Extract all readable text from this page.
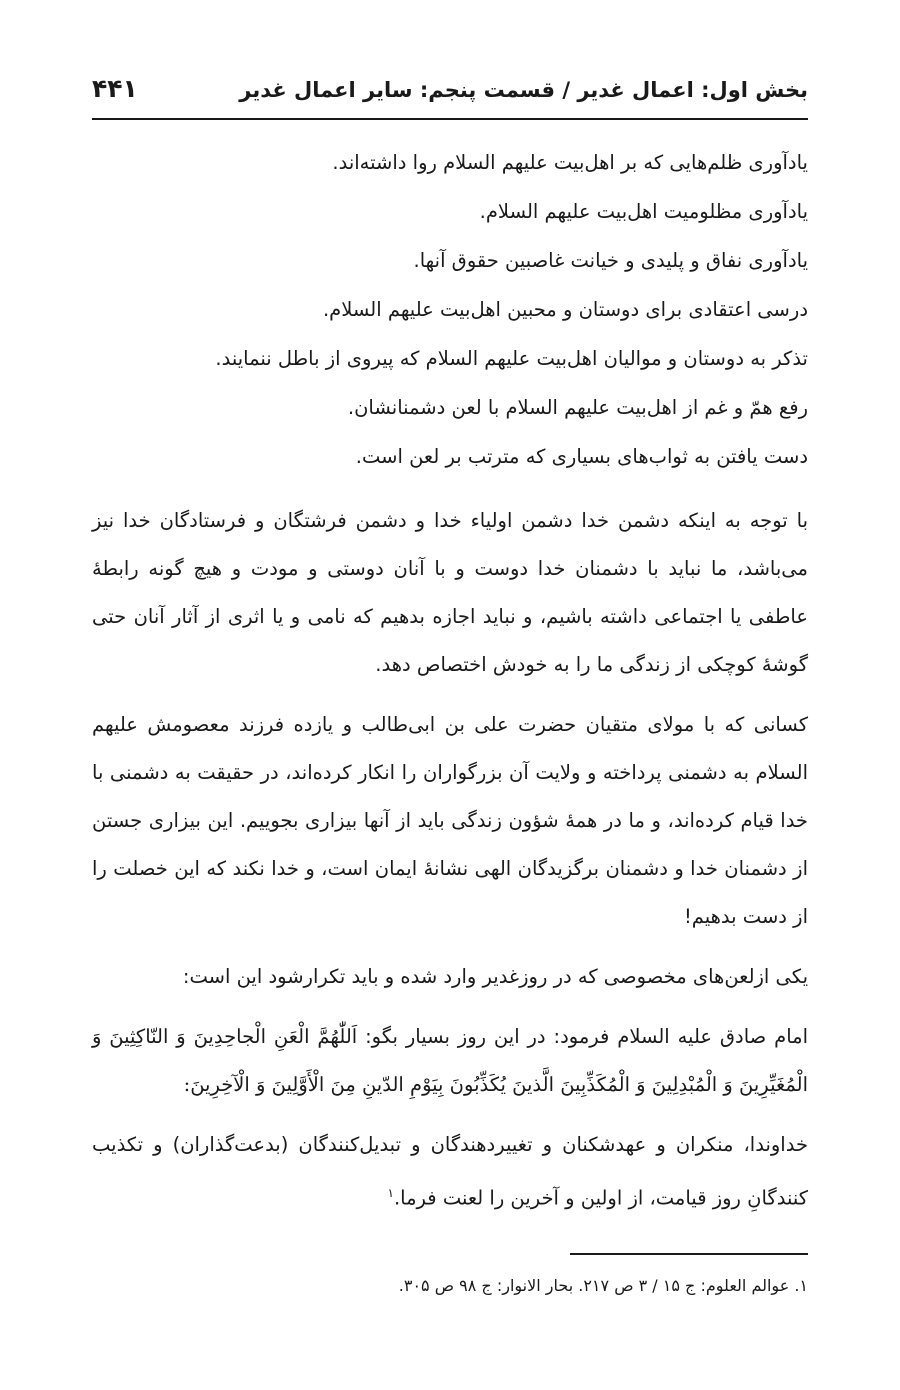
بخش اول: اعمال غدیر / قسمت پنجم: سایر اعمال غدیر
۴۴۱
یادآوری ظلم‌هایی که بر اهل‌بیت علیهم السلام روا داشته‌اند.
یادآوری مظلومیت اهل‌بیت علیهم السلام.
یادآوری نفاق و پلیدی و خیانت غاصبین حقوق آنها.
درسی اعتقادی برای دوستان و محبین اهل‌بیت علیهم السلام.
تذکر به دوستان و موالیان اهل‌بیت علیهم السلام که پیروی از باطل ننمایند.
رفع همّ و غم از اهل‌بیت علیهم السلام با لعن دشمنانشان.
دست یافتن به ثواب‌های بسیاری که مترتب بر لعن است.

با توجه به اینکه دشمن خدا دشمن اولیاء خدا و دشمن فرشتگان و فرستادگان خدا نیز می‌باشد، ما نباید با دشمنان خدا دوست و با آنان دوستی و مودت و هیچ گونه رابطهٔ عاطفی یا اجتماعی داشته باشیم، و نباید اجازه بدهیم که نامی و یا اثری از آثار آنان حتی گوشهٔ کوچکی از زندگی ما را به خودش اختصاص دهد.

کسانی که با مولای متقیان حضرت علی بن ابی‌طالب و یازده فرزند معصومش علیهم السلام به دشمنی پرداخته و ولایت آن بزرگواران را انکار کرده‌اند، در حقیقت به دشمنی با خدا قیام کرده‌اند، و ما در همهٔ شؤون زندگی باید از آنها بیزاری بجوییم. این بیزاری جستن از دشمنان خدا و دشمنان برگزیدگان الهی نشانهٔ ایمان است، و خدا نکند که این خصلت را از دست بدهیم!

یکی ازلعن‌های مخصوصی که در روزغدیر وارد شده و باید تکرارشود این است:

امام صادق علیه السلام فرمود: در این روز بسیار بگو: اَللّٰهُمَّ الْعَنِ الْجاحِدِینَ وَ النّاکِثِینَ وَ الْمُغَیِّرِینَ وَ الْمُبْدِلِینَ وَ الْمُکَذِّبِینَ الَّذینَ یُکَذِّبُونَ بِیَوْمِ الدّینِ مِنَ الْأَوَّلِینَ وَ الْآخِرِینَ:

خداوندا، منکران و عهدشکنان و تغییردهندگان و تبدیل‌کنندگان (بدعت‌گذاران) و تکذیب کنندگانِ روز قیامت، از اولین و آخرین را لعنت فرما.$^۱$

۱. عوالم العلوم: ج ۱۵ / ۳ ص ۲۱۷. بحار الانوار: ج ۹۸ ص ۳۰۵.
